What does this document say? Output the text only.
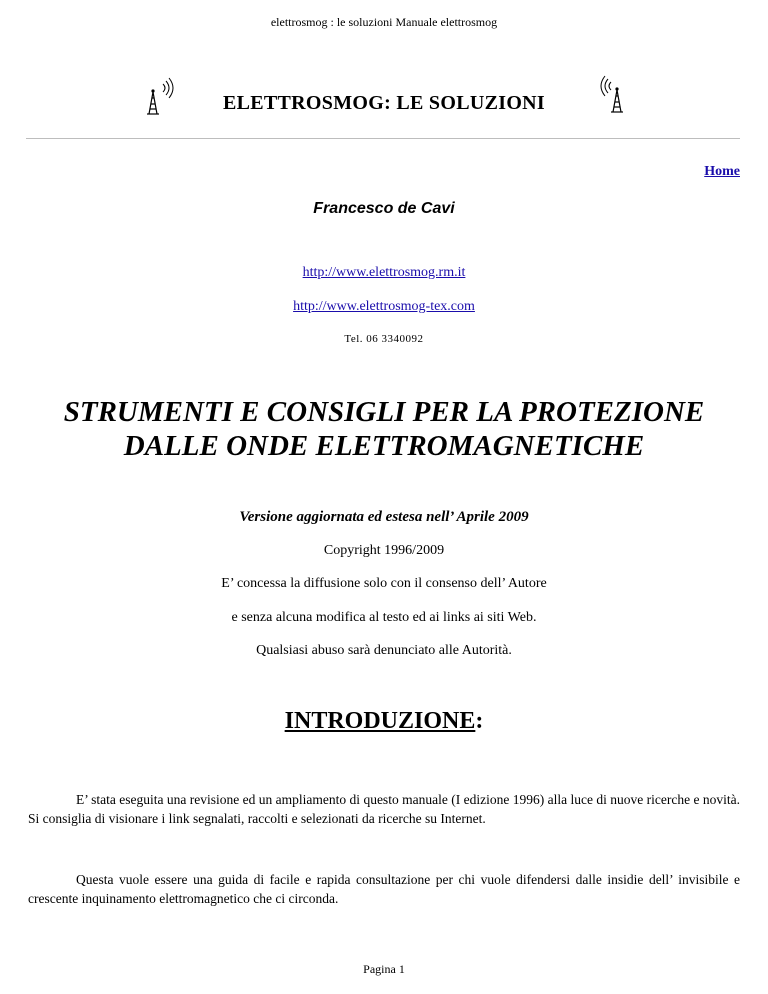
elettrosmog : le soluzioni Manuale elettrosmog
ELETTROSMOG: LE SOLUZIONI
Home
Francesco de Cavi
http://www.elettrosmog.rm.it
http://www.elettrosmog-tex.com
Tel. 06 3340092
STRUMENTI E CONSIGLI PER LA PROTEZIONE
DALLE ONDE ELETTROMAGNETICHE
Versione aggiornata ed estesa nell’ Aprile 2009
Copyright 1996/2009
E’ concessa la diffusione solo con il consenso dell’ Autore
e senza alcuna modifica al testo ed ai links ai siti Web.
Qualsiasi abuso sarà denunciato alle Autorità.
INTRODUZIONE:
E’ stata eseguita una revisione ed un ampliamento di questo manuale (I edizione 1996) alla luce di nuove ricerche e novità. Si consiglia di visionare i link segnalati, raccolti e selezionati da ricerche su Internet.
Questa vuole essere una guida di facile e rapida consultazione per chi vuole difendersi dalle insidie dell’ invisibile e crescente inquinamento elettromagnetico che ci circonda.
Pagina 1
